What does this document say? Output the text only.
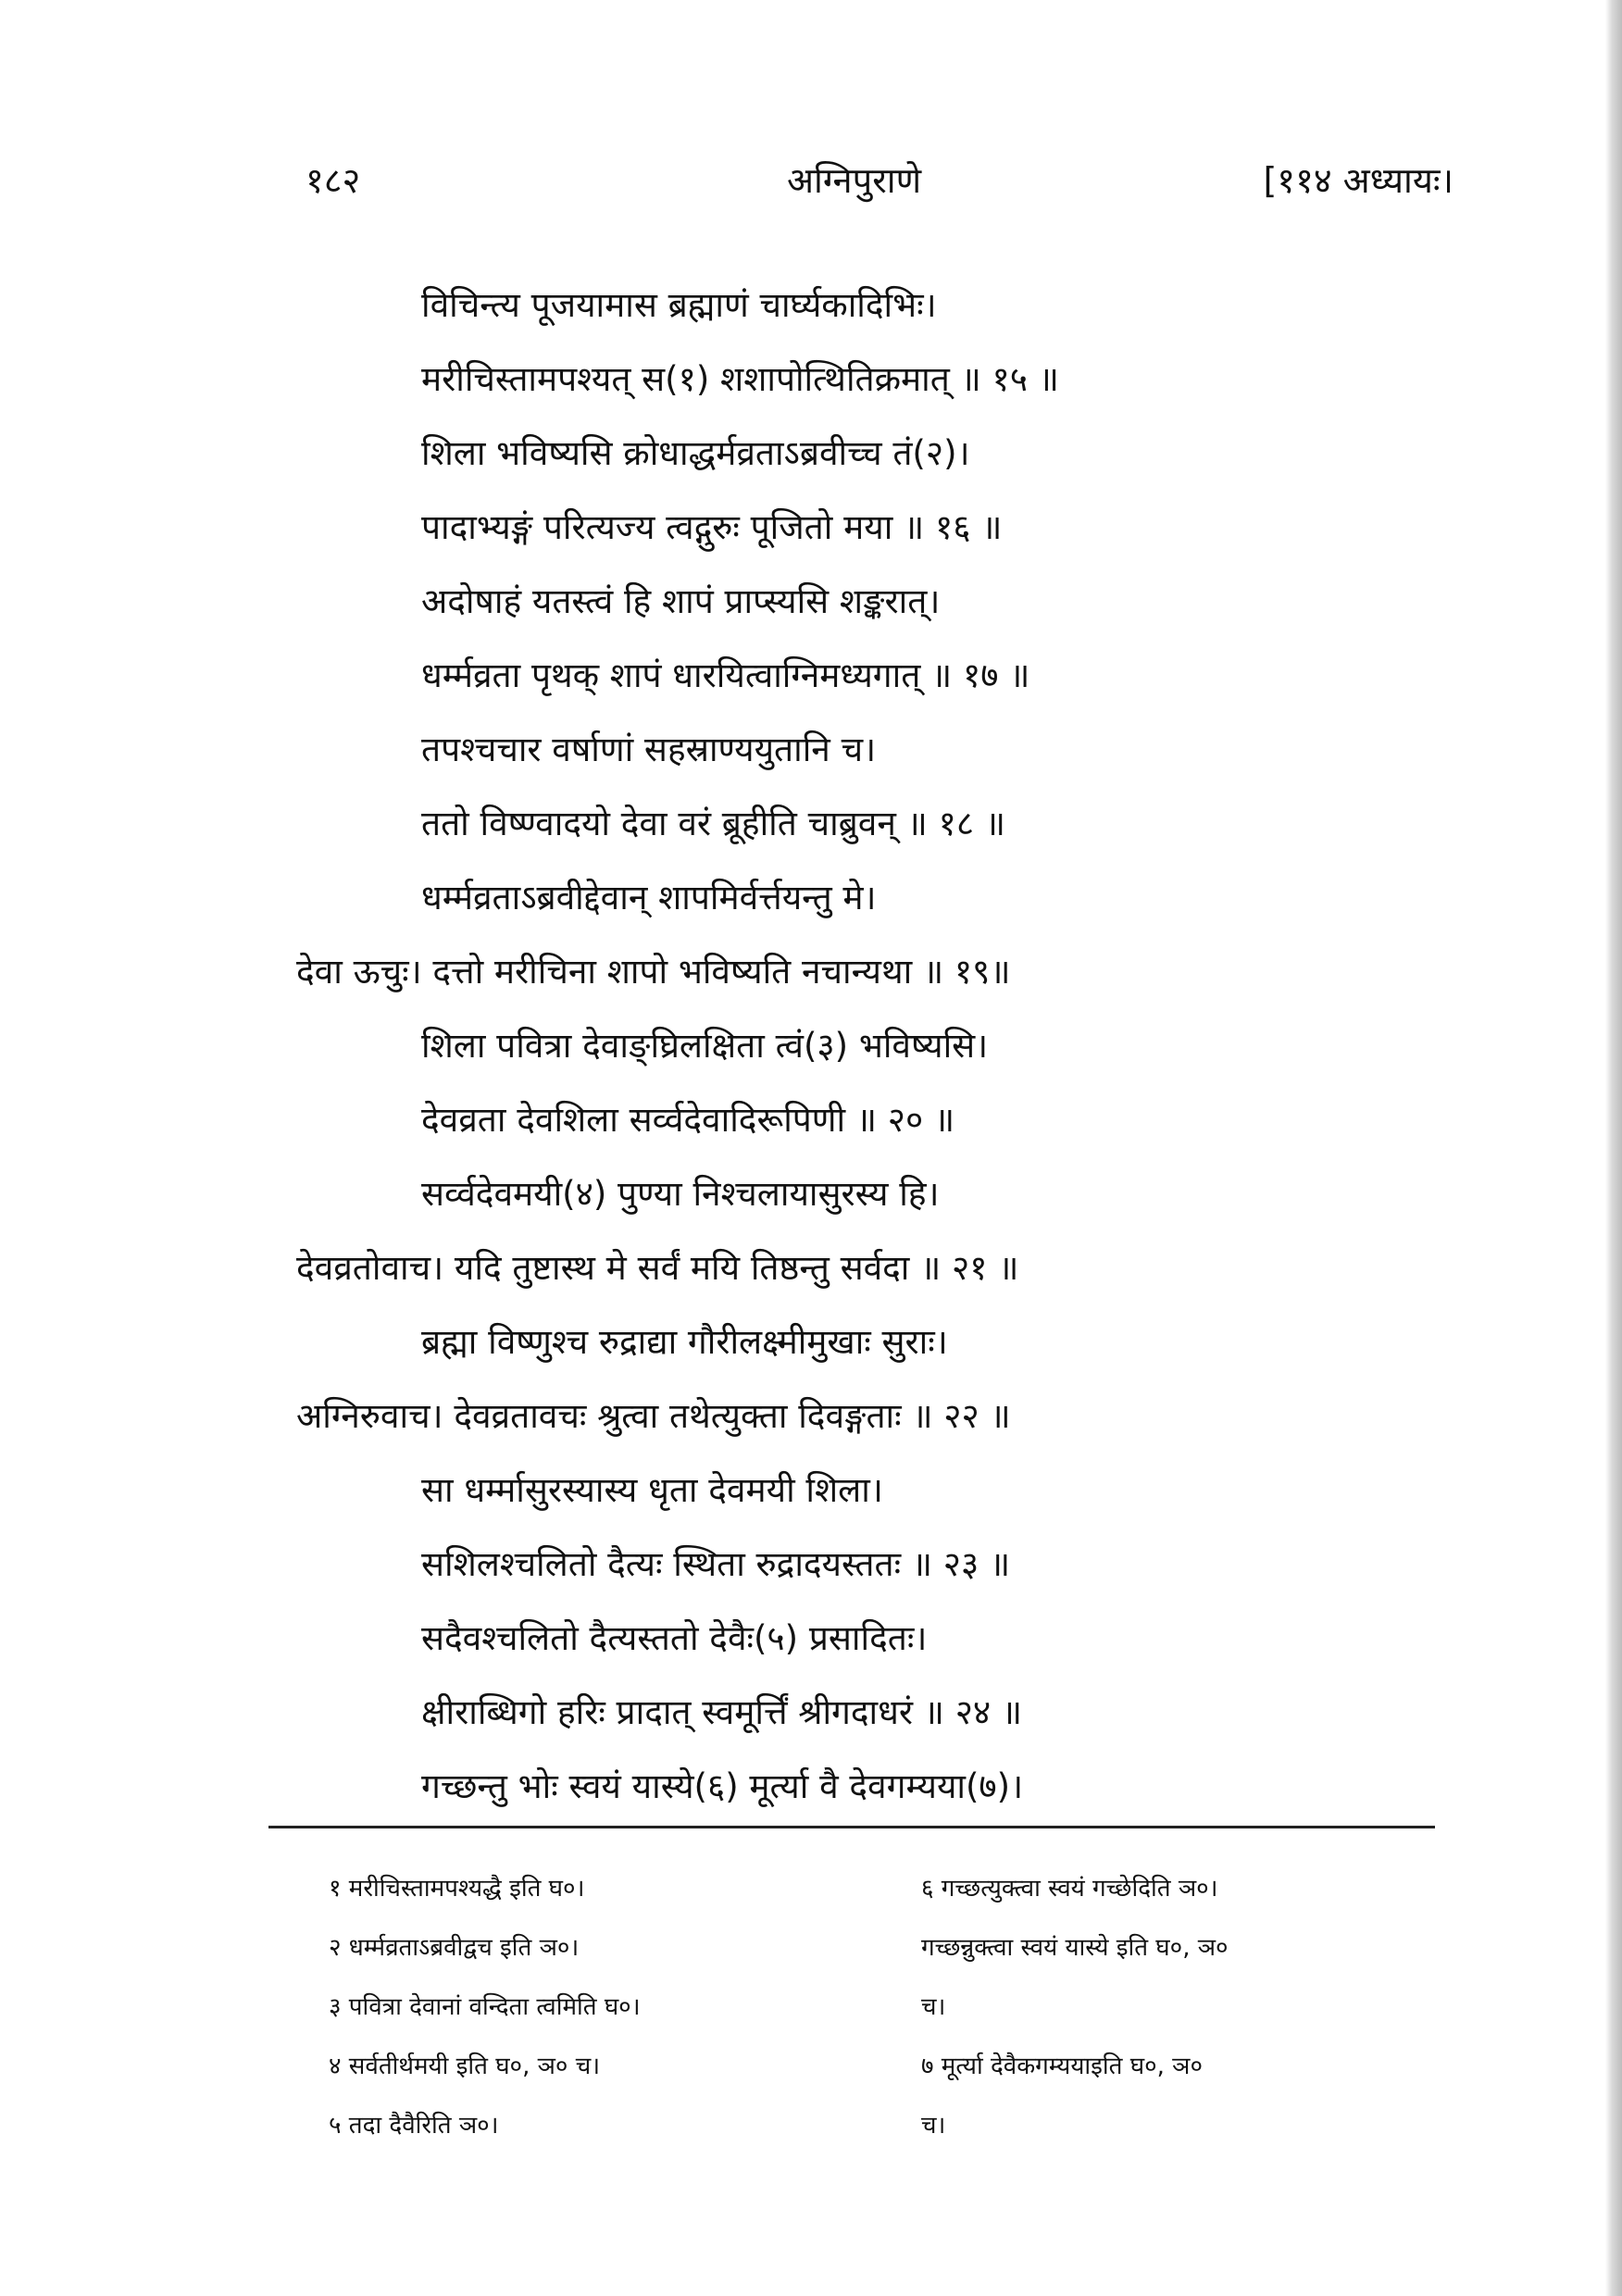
१८२	अग्निपुराणे	[११४ अध्यायः।
विचिन्त्य पूजयामास ब्रह्माणं चार्घ्यकादिभिः।
मरीचिस्तामपश्यत् स(१) शशापोत्थितिक्रमात् ॥ १५ ॥
शिला भविष्यसि क्रोधाद्धर्मव्रताऽब्रवीच्च तं(२)।
पादाभ्यङ्गं परित्यज्य त्वद्गुरुः पूजितो मया ॥ १६ ॥
अदोषाहं यतस्त्वं हि शापं प्राप्स्यसि शङ्करात्।
धर्म्मव्रता पृथक् शापं धारयित्वाग्निमध्यगात् ॥ १७ ॥
तपश्चचार वर्षाणां सहस्राण्ययुतानि च।
ततो विष्ण्वादयो देवा वरं ब्रूहीति चाब्रुवन् ॥ १८ ॥
धर्म्मव्रताऽब्रवीद्देवान् शापमिर्वर्त्तयन्तु मे।
देवा ऊचुः। दत्तो मरीचिना शापो भविष्यति नचान्यथा ॥ १९॥
शिला पवित्रा देवाङ्घ्रिलक्षिता त्वं(३) भविष्यसि।
देवव्रता देवशिला सर्व्वदेवादिरूपिणी ॥ २० ॥
सर्व्वदेवमयी(४) पुण्या निश्चलायासुरस्य हि।
देवव्रतोवाच। यदि तुष्टास्थ मे सर्वं मयि तिष्ठन्तु सर्वदा ॥ २१ ॥
ब्रह्मा विष्णुश्च रुद्राद्या गौरीलक्ष्मीमुखाः सुराः।
अग्निरुवाच। देवव्रतावचः श्रुत्वा तथेत्युक्ता दिवङ्गताः ॥ २२ ॥
सा धर्म्मासुरस्यास्य धृता देवमयी शिला।
सशिलश्चलितो दैत्यः स्थिता रुद्रादयस्ततः ॥ २३ ॥
सदैवश्चलितो दैत्यस्ततो देवैः(५) प्रसादितः।
क्षीराब्धिगो हरिः प्रादात् स्वमूर्त्तिं श्रीगदाधरं ॥ २४ ॥
गच्छन्तु भोः स्वयं यास्ये(६) मूर्त्या वै देवगम्यया(७)।
१ मरीचिस्तामपश्यद्धै इति घ०।
२ धर्म्मव्रताऽब्रवीद्वच इति ञ०।
३ पवित्रा देवानां वन्दिता त्वमिति घ०।
४ सर्वतीर्थमयी इति घ०, ञ० च।
५ तदा दैवैरिति ञ०।
६ गच्छत्युक्त्वा स्वयं गच्छेदिति ञ०।
गच्छन्नुक्त्वा स्वयं यास्ये इति घ०, ञ०
च।
७ मूर्त्या देवैकगम्ययाइति घ०, ञ०
च।
